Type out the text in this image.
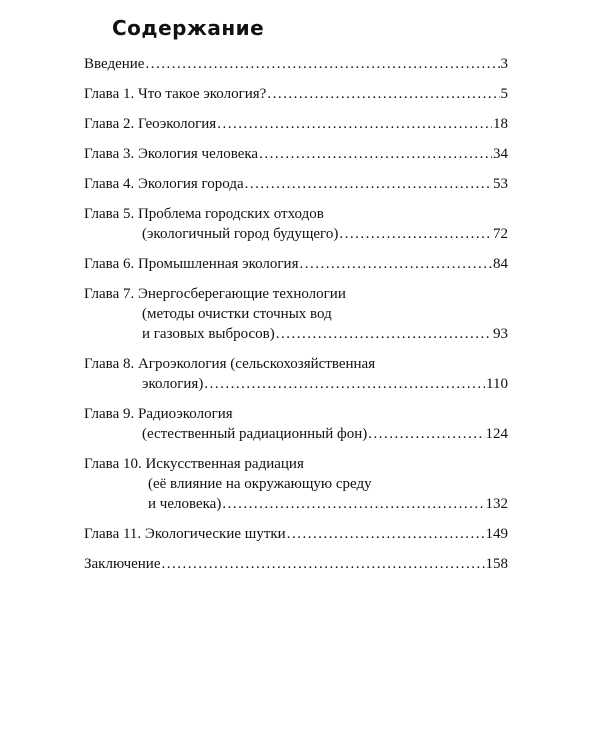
Содержание
Введение .....	3
Глава 1. Что такое экология? .....	5
Глава 2. Геоэкология .....	18
Глава 3. Экология человека .....	34
Глава 4. Экология города .....	53
Глава 5. Проблема городских отходов
(экологичный город будущего) .....	72
Глава 6. Промышленная экология .....	84
Глава 7. Энергосберегающие технологии
(методы очистки сточных вод
и газовых выбросов) .....	93
Глава 8. Агроэкология (сельскохозяйственная
экология) .....	110
Глава 9. Радиоэкология
(естественный радиационный фон) .....	124
Глава 10. Искусственная радиация
(её влияние на окружающую среду
и человека) .....	132
Глава 11. Экологические шутки .....	149
Заключение .....	158
